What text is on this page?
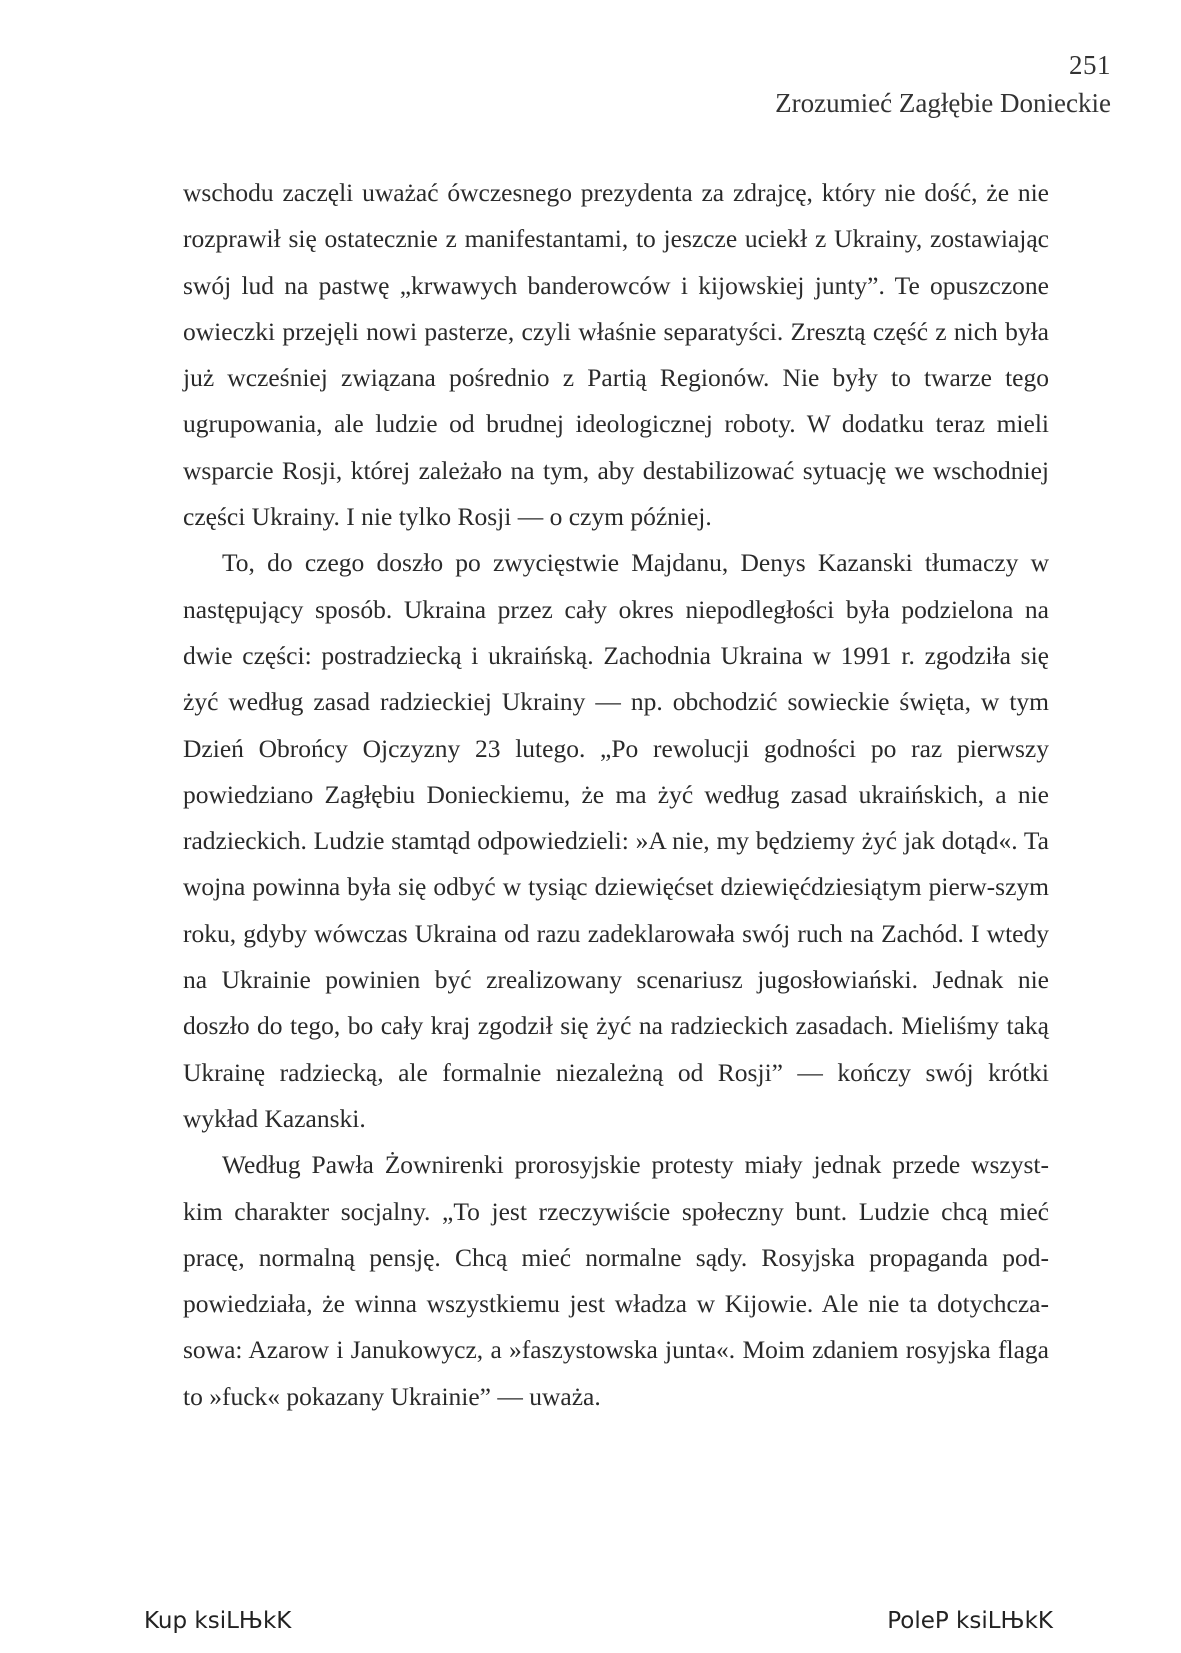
251
Zrozumieć Zagłębie Donieckie

wschodu zaczęli uważać ówczesnego prezydenta za zdrajcę, który nie dość, że nie rozprawił się ostatecznie z manifestantami, to jeszcze uciekł z Ukrainy, zostawiając swój lud na pastwę „krwawych banderowców i kijowskiej junty”. Te opuszczone owieczki przejęli nowi pasterze, czyli właśnie separatyści. Zresztą część z nich była już wcześniej związana pośrednio z Partią Regionów. Nie były to twarze tego ugrupowania, ale ludzie od brudnej ideologicznej roboty. W dodatku teraz mieli wsparcie Rosji, której zależało na tym, aby destabilizować sytuację we wschodniej części Ukrainy. I nie tylko Rosji — o czym później.

To, do czego doszło po zwycięstwie Majdanu, Denys Kazanski tłumaczy w następujący sposób. Ukraina przez cały okres niepodległości była podzielona na dwie części: postradziecką i ukraińską. Zachodnia Ukraina w 1991 r. zgodziła się żyć według zasad radzieckiej Ukrainy — np. obchodzić sowieckie święta, w tym Dzień Obrońcy Ojczyzny 23 lutego. „Po rewolucji godności po raz pierwszy powiedziano Zagłębiu Donieckiemu, że ma żyć według zasad ukraińskich, a nie radzieckich. Ludzie stamtąd odpowiedzieli: »A nie, my będziemy żyć jak dotąd«. Ta wojna powinna była się odbyć w tysiąc dziewięćset dziewięćdziesiątym pierw-szym roku, gdyby wówczas Ukraina od razu zadeklarowała swój ruch na Zachód. I wtedy na Ukrainie powinien być zrealizowany scenariusz jugosłowiański. Jednak nie doszło do tego, bo cały kraj zgodził się żyć na radzieckich zasadach. Mieliśmy taką Ukrainę radziecką, ale formalnie niezależną od Rosji” — kończy swój krótki wykład Kazanski.

Według Pawła Żownirenki prorosyjskie protesty miały jednak przede wszyst-kim charakter socjalny. „To jest rzeczywiście społeczny bunt. Ludzie chcą mieć pracę, normalną pensję. Chcą mieć normalne sądy. Rosyjska propaganda pod-powiedziała, że winna wszystkiemu jest władza w Kijowie. Ale nie ta dotychcza-sowa: Azarow i Janukowycz, a »faszystowska junta«. Moim zdaniem rosyjska flaga to »fuck« pokazany Ukrainie” — uważa.

Kup ksiLЊkK	PoleP ksiLЊkK
